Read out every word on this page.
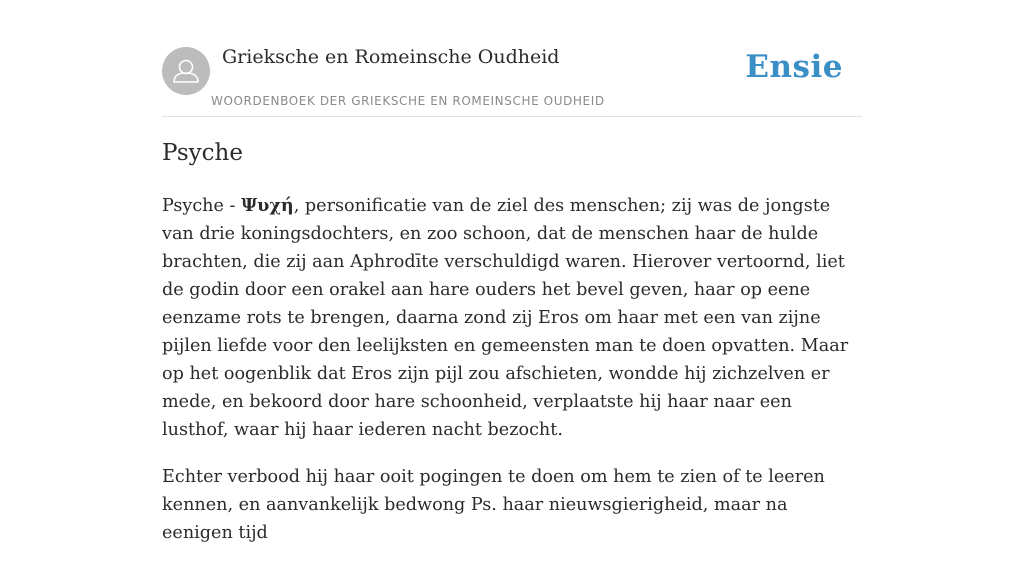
Grieksche en Romeinsche Oudheid
WOORDENBOEK DER GRIEKSCHE EN ROMEINSCHE OUDHEID
Ensie
Psyche

Psyche - Ψυχή, personificatie van de ziel des menschen; zij was de jongste van drie koningsdochters, en zoo schoon, dat de menschen haar de hulde brachten, die zij aan Aphrodīte verschuldigd waren. Hierover vertoornd, liet de godin door een orakel aan hare ouders het bevel geven, haar op eene eenzame rots te brengen, daarna zond zij Eros om haar met een van zijne pijlen liefde voor den leelijksten en gemeensten man te doen opvatten. Maar op het oogenblik dat Eros zijn pijl zou afschieten, wondde hij zichzelven er mede, en bekoord door hare schoonheid, verplaatste hij haar naar een lusthof, waar hij haar iederen nacht bezocht.

Echter verbood hij haar ooit pogingen te doen om hem te zien of te leeren kennen, en aanvankelijk bedwong Ps. haar nieuwsgierigheid, maar na eenigen tijd
